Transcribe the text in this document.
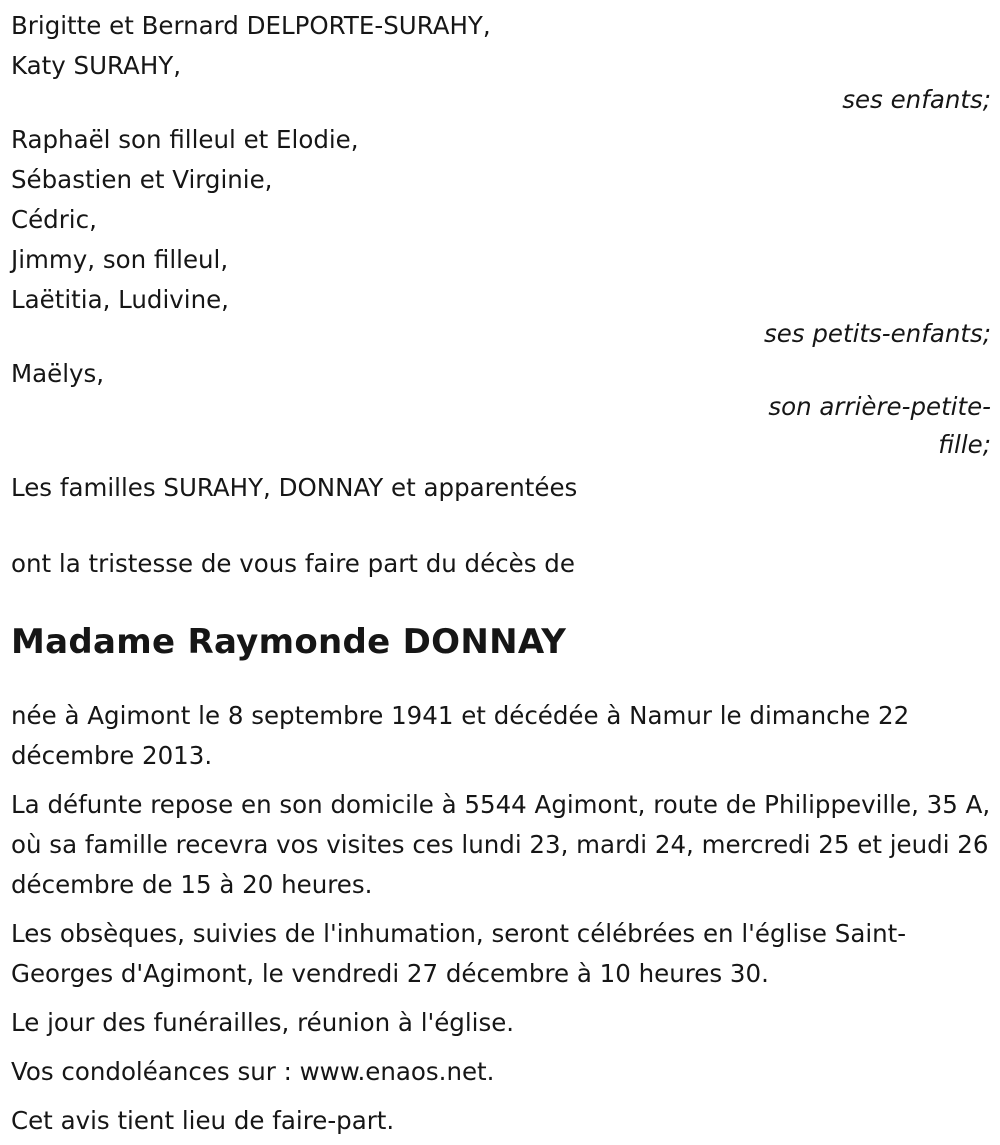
Brigitte et Bernard DELPORTE-SURAHY,
Katy SURAHY,
ses enfants;
Raphaël son filleul et Elodie,
Sébastien et Virginie,
Cédric,
Jimmy, son filleul,
Laëtitia, Ludivine,
ses petits-enfants;
Maëlys,
son arrière-petite-
fille;
Les familles SURAHY, DONNAY et apparentées
ont la tristesse de vous faire part du décès de
Madame Raymonde DONNAY

née à Agimont le 8 septembre 1941 et décédée à Namur le dimanche 22 décembre 2013.

La défunte repose en son domicile à 5544 Agimont, route de Philippeville, 35 A, où sa famille recevra vos visites ces lundi 23, mardi 24, mercredi 25 et jeudi 26 décembre de 15 à 20 heures.

Les obsèques, suivies de l'inhumation, seront célébrées en l'église Saint-Georges d'Agimont, le vendredi 27 décembre à 10 heures 30.

Le jour des funérailles, réunion à l'église.

Vos condoléances sur : www.enaos.net.

Cet avis tient lieu de faire-part.
